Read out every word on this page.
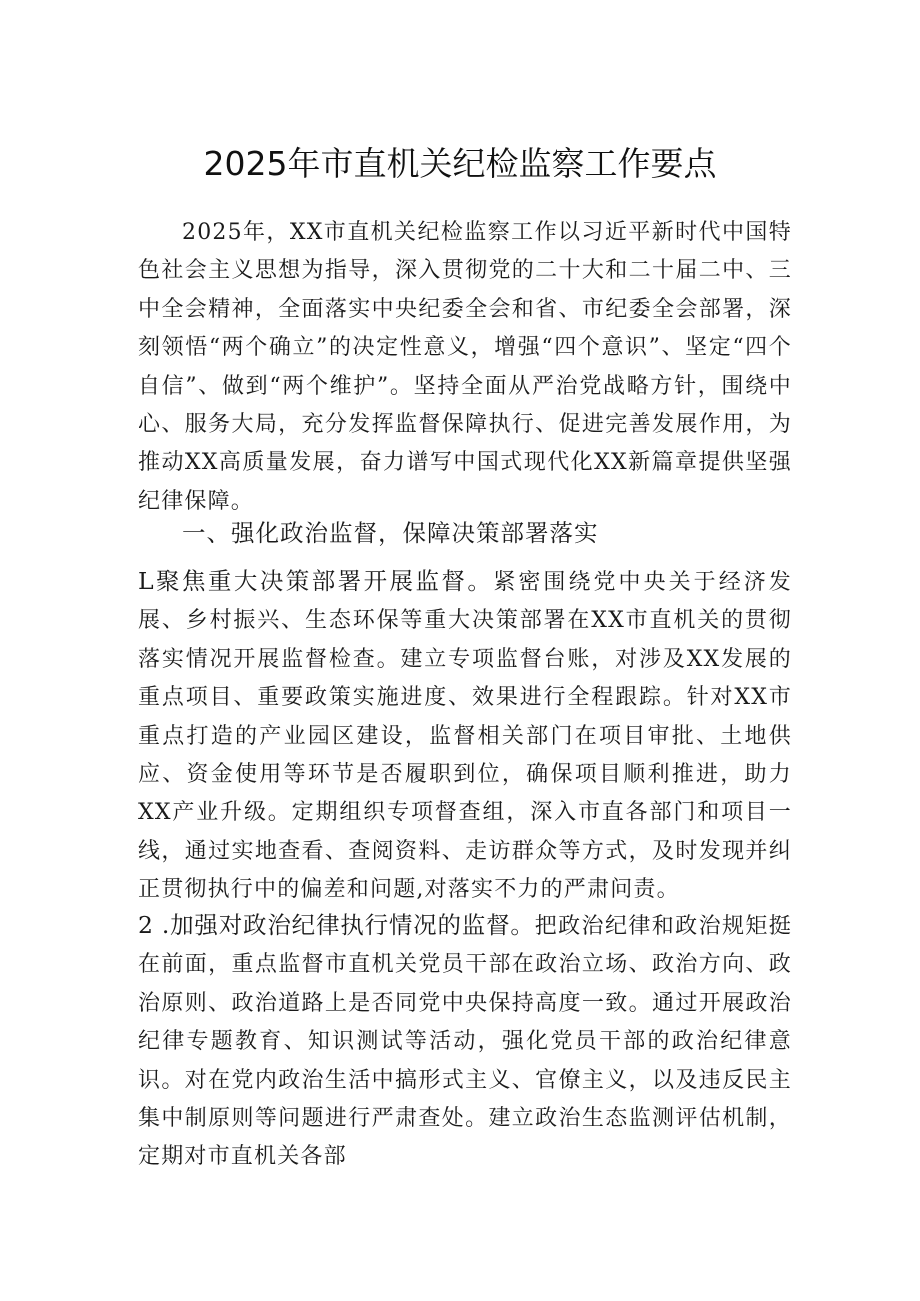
2025年市直机关纪检监察工作要点

2025年，XX市直机关纪检监察工作以习近平新时代中国特色社会主义思想为指导，深入贯彻党的二十大和二十届二中、三中全会精神，全面落实中央纪委全会和省、市纪委全会部署，深刻领悟“两个确立”的决定性意义，增强“四个意识”、坚定“四个自信”、做到“两个维护”。坚持全面从严治党战略方针，围绕中心、服务大局，充分发挥监督保障执行、促进完善发展作用，为推动XX高质量发展，奋力谱写中国式现代化XX新篇章提供坚强纪律保障。

一、强化政治监督，保障决策部署落实

L聚焦重大决策部署开展监督。紧密围绕党中央关于经济发展、乡村振兴、生态环保等重大决策部署在XX市直机关的贯彻落实情况开展监督检查。建立专项监督台账，对涉及XX发展的重点项目、重要政策实施进度、效果进行全程跟踪。针对XX市重点打造的产业园区建设，监督相关部门在项目审批、土地供应、资金使用等环节是否履职到位，确保项目顺利推进，助力XX产业升级。定期组织专项督查组，深入市直各部门和项目一线，通过实地查看、查阅资料、走访群众等方式，及时发现并纠正贯彻执行中的偏差和问题,对落实不力的严肃问责。

2 .加强对政治纪律执行情况的监督。把政治纪律和政治规矩挺在前面，重点监督市直机关党员干部在政治立场、政治方向、政治原则、政治道路上是否同党中央保持高度一致。通过开展政治纪律专题教育、知识测试等活动，强化党员干部的政治纪律意识。对在党内政治生活中搞形式主义、官僚主义，以及违反民主集中制原则等问题进行严肃查处。建立政治生态监测评估机制，定期对市直机关各部
